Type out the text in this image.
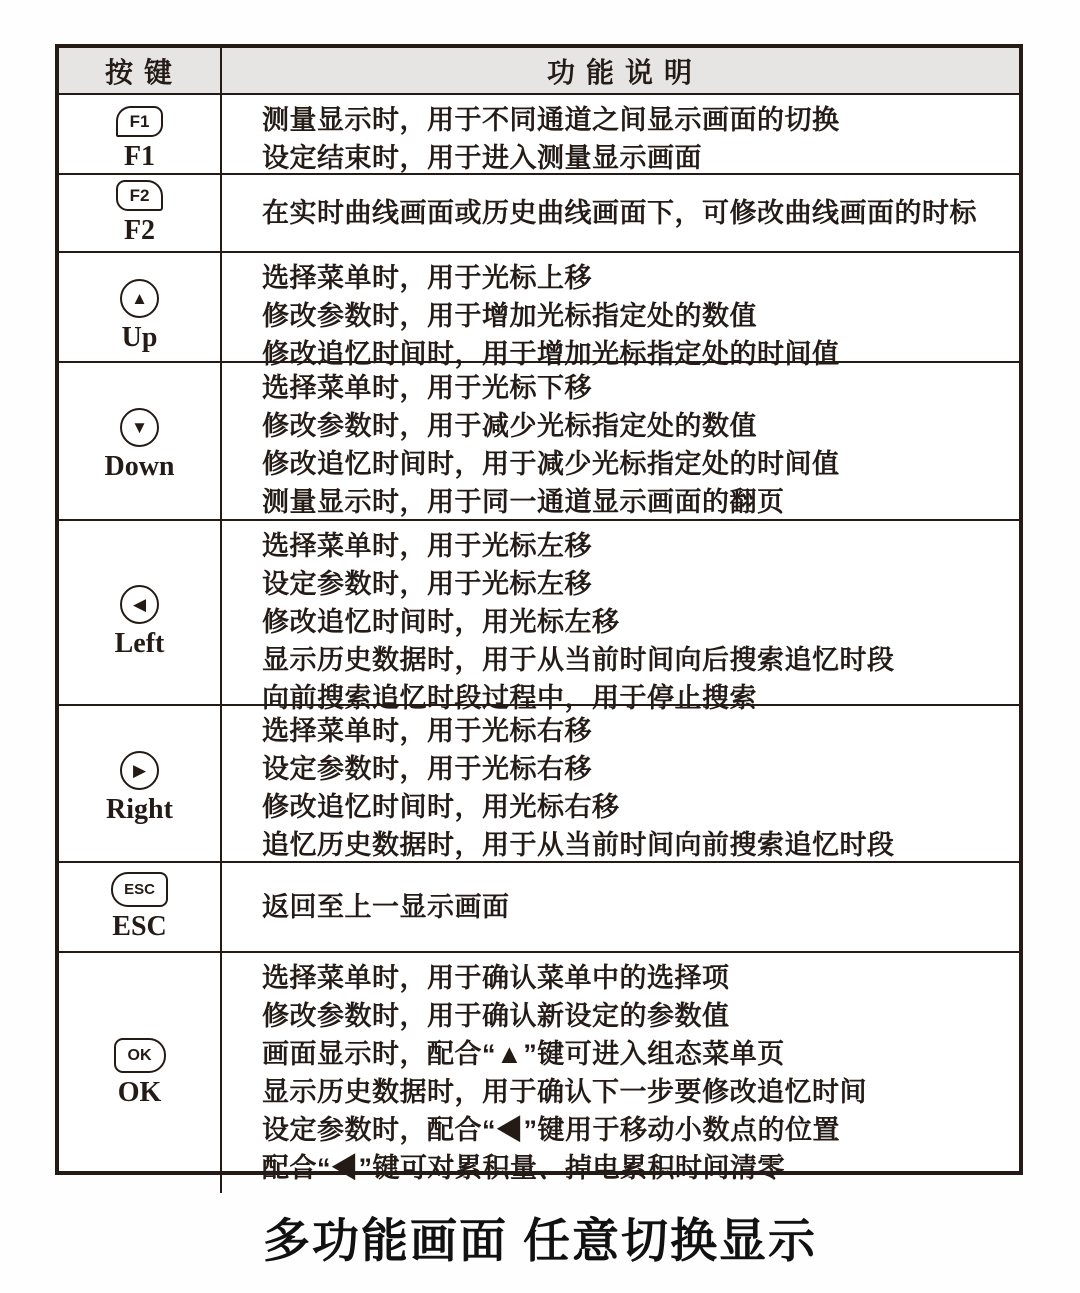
按 键	功 能 说 明
F1
F1
测量显示时，用于不同通道之间显示画面的切换
设定结束时，用于进入测量显示画面
F2
F2
在实时曲线画面或历史曲线画面下，可修改曲线画面的时标
▲
Up
选择菜单时，用于光标上移
修改参数时，用于增加光标指定处的数值
修改追忆时间时，用于增加光标指定处的时间值
▼
Down
选择菜单时，用于光标下移
修改参数时，用于减少光标指定处的数值
修改追忆时间时，用于减少光标指定处的时间值
测量显示时，用于同一通道显示画面的翻页
◀
Left
选择菜单时，用于光标左移
设定参数时，用于光标左移
修改追忆时间时，用光标左移
显示历史数据时，用于从当前时间向后搜索追忆时段
向前搜索追忆时段过程中，用于停止搜索
▶
Right
选择菜单时，用于光标右移
设定参数时，用于光标右移
修改追忆时间时，用光标右移
追忆历史数据时，用于从当前时间向前搜索追忆时段
ESC
ESC
返回至上一显示画面
OK
OK
选择菜单时，用于确认菜单中的选择项
修改参数时，用于确认新设定的参数值
画面显示时，配合“▲”键可进入组态菜单页
显示历史数据时，用于确认下一步要修改追忆时间
设定参数时，配合“◀”键用于移动小数点的位置
配合“◀”键可对累积量、掉电累积时间清零
多功能画面 任意切换显示
